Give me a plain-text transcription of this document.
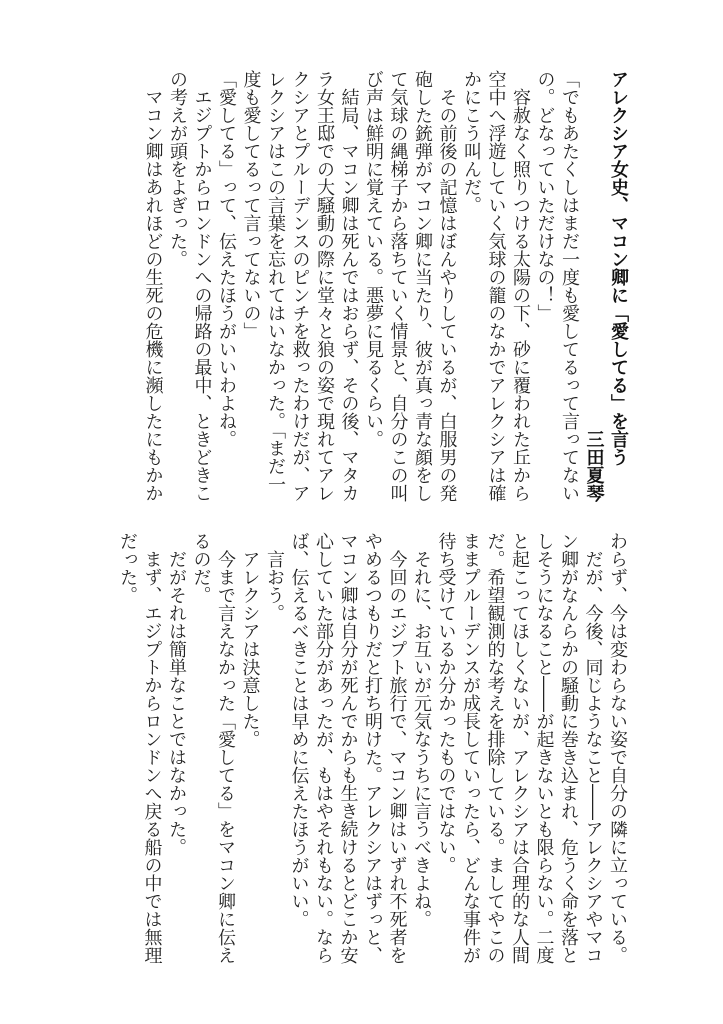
アレクシア女史、マコン卿に「愛してる」を言う
三田夏琴
「でもあたくしはまだ一度も愛してるって言ってない
の。どなっていただけなの！」
　容赦なく照りつける太陽の下、砂に覆われた丘から
空中へ浮遊していく気球の籠のなかでアレクシアは確
かにこう叫んだ。
　その前後の記憶はぼんやりしているが、白服男の発
砲した銃弾がマコン卿に当たり、彼が真っ青な顔をし
て気球の縄梯子から落ちていく情景と、自分のこの叫
び声は鮮明に覚えている。悪夢に見るくらい。
　結局、マコン卿は死んではおらず、その後、マタカ
ラ女王邸での大騒動の際に堂々と狼の姿で現れてアレ
クシアとプルーデンスのピンチを救ったわけだが、ア
レクシアはこの言葉を忘れてはいなかった。「まだ一
度も愛してるって言ってないの」
「愛してる」って、伝えたほうがいいわよね。
　エジプトからロンドンへの帰路の最中、ときどきこ
の考えが頭をよぎった。
　マコン卿はあれほどの生死の危機に瀕したにもかか
わらず、今は変わらない姿で自分の隣に立っている。
　だが、今後、同じようなこと――アレクシアやマコ
ン卿がなんらかの騒動に巻き込まれ、危うく命を落と
しそうになること――が起きないとも限らない。二度
と起こってほしくないが、アレクシアは合理的な人間
だ。希望観測的な考えを排除している。ましてやこの
ままプルーデンスが成長していったら、どんな事件が
待ち受けているか分かったものではない。
　それに、お互いが元気なうちに言うべきよね。
　今回のエジプト旅行で、マコン卿はいずれ不死者を
やめるつもりだと打ち明けた。アレクシアはずっと、
マコン卿は自分が死んでからも生き続けるとどこか安
心していた部分があったが、もはやそれもない。なら
ば、伝えるべきことは早めに伝えたほうがいい。
　言おう。
　アレクシアは決意した。
　今まで言えなかった「愛してる」をマコン卿に伝え
るのだ。
　だがそれは簡単なことではなかった。
　まず、エジプトからロンドンへ戻る船の中では無理
だった。
